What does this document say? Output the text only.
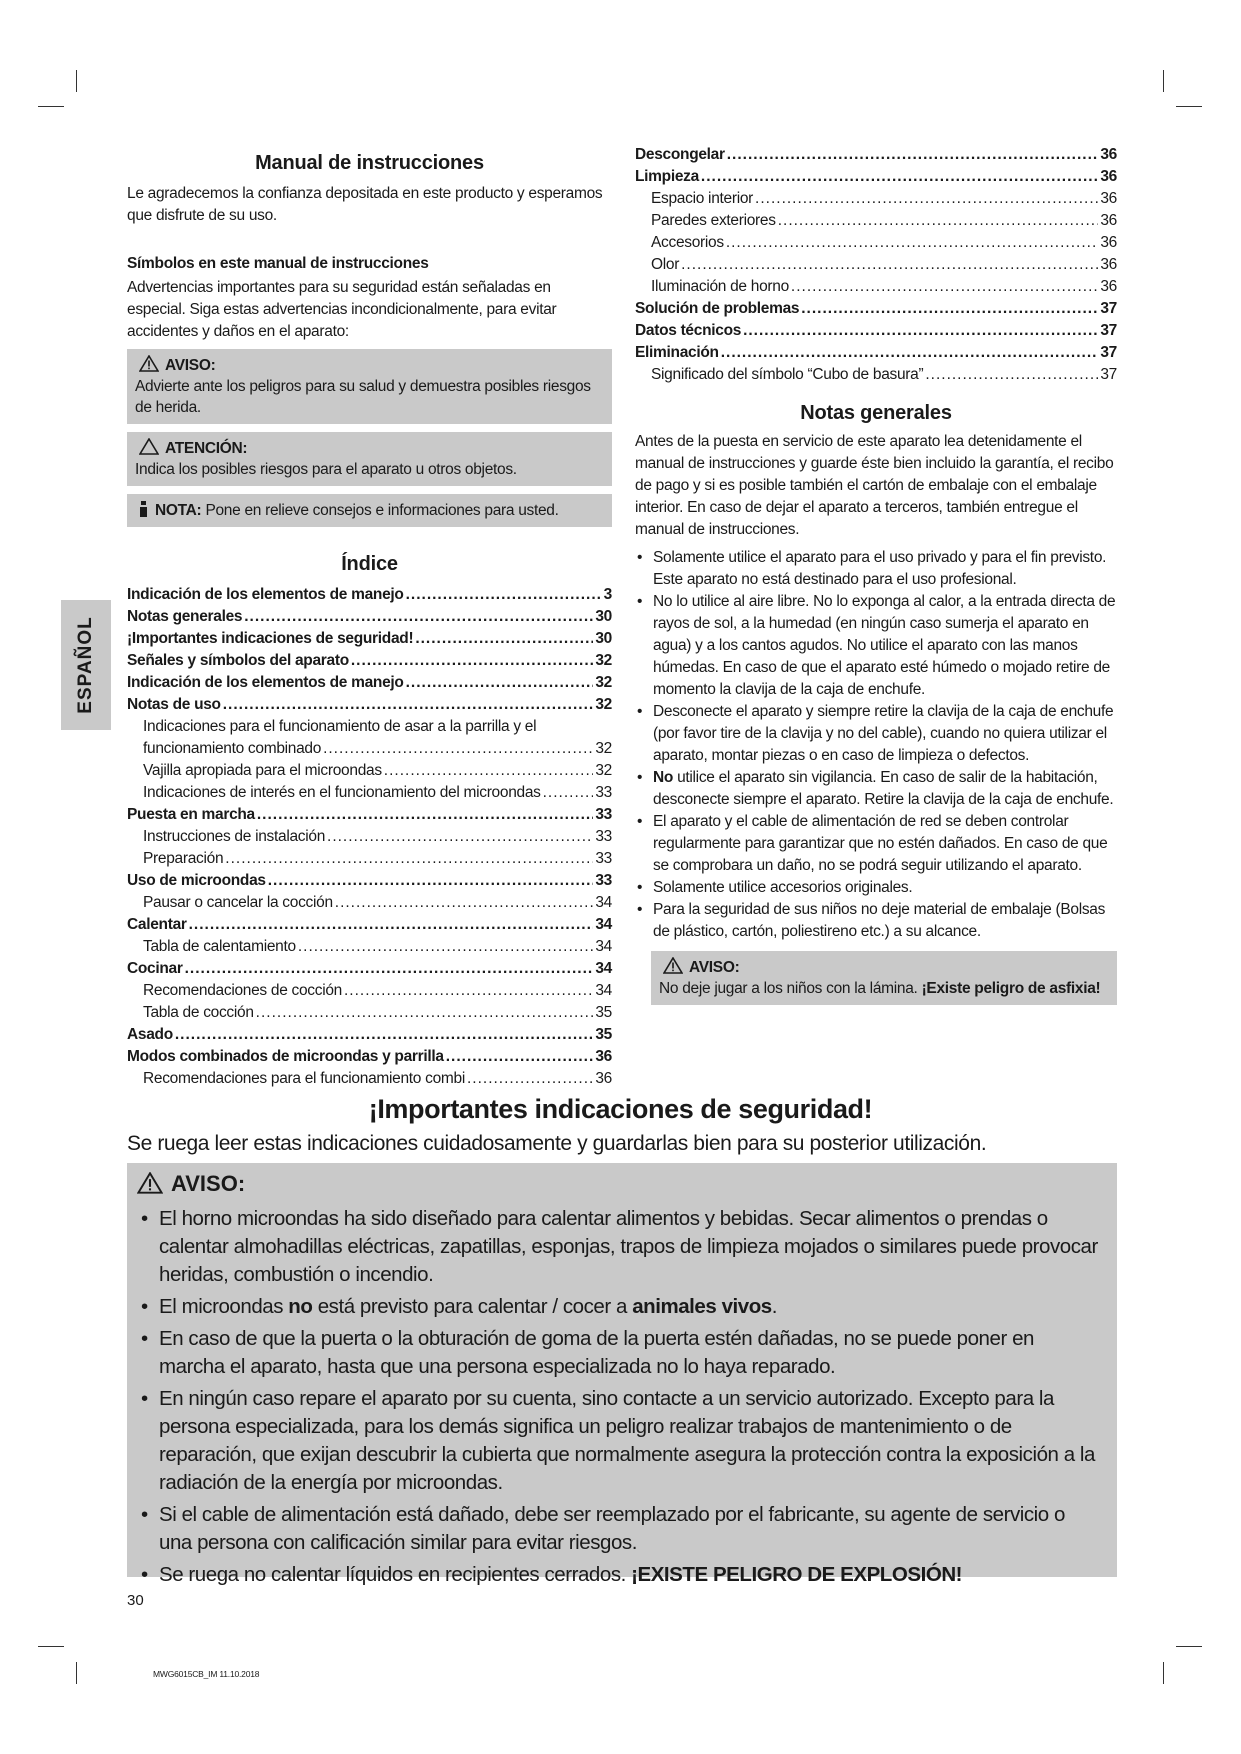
ESPAÑOL
Manual de instrucciones

Le agradecemos la confianza depositada en este producto y esperamos que disfrute de su uso.

Símbolos en este manual de instrucciones

Advertencias importantes para su seguridad están señaladas en especial. Siga estas advertencias incondicionalmente, para evitar accidentes y daños en el aparato:

AVISO:
Advierte ante los peligros para su salud y demuestra posibles riesgos de herida.
ATENCIÓN:
Indica los posibles riesgos para el aparato u otros objetos.
NOTA: Pone en relieve consejos e informaciones para usted.
Índice
Indicación de los elementos de manejo .....	3
Notas generales .....	30
¡Importantes indicaciones de seguridad! .....	30
Señales y símbolos del aparato .....	32
Indicación de los elementos de manejo .....	32
Notas de uso .....	32
Indicaciones para el funcionamiento de asar a la parrilla y el
funcionamiento combinado .....	32
Vajilla apropiada para el microondas .....	32
Indicaciones de interés en el funcionamiento del microondas .....	33
Puesta en marcha .....	33
Instrucciones de instalación .....	33
Preparación .....	33
Uso de microondas .....	33
Pausar o cancelar la cocción .....	34
Calentar .....	34
Tabla de calentamiento .....	34
Cocinar .....	34
Recomendaciones de cocción .....	34
Tabla de cocción .....	35
Asado .....	35
Modos combinados de microondas y parrilla .....	36
Recomendaciones para el funcionamiento combi .....	36
Descongelar .....	36
Limpieza .....	36
Espacio interior .....	36
Paredes exteriores .....	36
Accesorios .....	36
Olor .....	36
Iluminación de horno .....	36
Solución de problemas .....	37
Datos técnicos .....	37
Eliminación .....	37
Significado del símbolo “Cubo de basura” .....	37
Notas generales

Antes de la puesta en servicio de este aparato lea detenidamente el manual de instrucciones y guarde éste bien incluido la garantía, el recibo de pago y si es posible también el cartón de embalaje con el embalaje interior. En caso de dejar el aparato a terceros, también entregue el manual de instrucciones.

• Solamente utilice el aparato para el uso privado y para el fin previsto. Este aparato no está destinado para el uso profesional.
• No lo utilice al aire libre. No lo exponga al calor, a la entrada directa de rayos de sol, a la humedad (en ningún caso sumerja el aparato en agua) y a los cantos agudos. No utilice el aparato con las manos húmedas. En caso de que el aparato esté húmedo o mojado retire de momento la clavija de la caja de enchufe.
• Desconecte el aparato y siempre retire la clavija de la caja de enchufe (por favor tire de la clavija y no del cable), cuando no quiera utilizar el aparato, montar piezas o en caso de limpieza o defectos.
• No utilice el aparato sin vigilancia. En caso de salir de la habitación, desconecte siempre el aparato. Retire la clavija de la caja de enchufe.
• El aparato y el cable de alimentación de red se deben controlar regularmente para garantizar que no estén dañados. En caso de que se comprobara un daño, no se podrá seguir utilizando el aparato.
• Solamente utilice accesorios originales.
• Para la seguridad de sus niños no deje material de embalaje (Bolsas de plástico, cartón, poliestireno etc.) a su alcance.
AVISO:
No deje jugar a los niños con la lámina. ¡Existe peligro de asfixia!
¡Importantes indicaciones de seguridad!
Se ruega leer estas indicaciones cuidadosamente y guardarlas bien para su posterior utilización.
AVISO:
• El horno microondas ha sido diseñado para calentar alimentos y bebidas. Secar alimentos o prendas o calentar almohadillas eléctricas, zapatillas, esponjas, trapos de limpieza mojados o similares puede provocar heridas, combustión o incendio.
• El microondas no está previsto para calentar / cocer a animales vivos.
• En caso de que la puerta o la obturación de goma de la puerta estén dañadas, no se puede poner en marcha el aparato, hasta que una persona especializada no lo haya reparado.
• En ningún caso repare el aparato por su cuenta, sino contacte a un servicio autorizado. Excepto para la persona especializada, para los demás significa un peligro realizar trabajos de mantenimiento o de reparación, que exijan descubrir la cubierta que normalmente asegura la protección contra la exposición a la radiación de la energía por microondas.
• Si el cable de alimentación está dañado, debe ser reemplazado por el fabricante, su agente de servicio o una persona con calificación similar para evitar riesgos.
• Se ruega no calentar líquidos en recipientes cerrados. ¡EXISTE PELIGRO DE EXPLOSIÓN!
30
MWG6015CB_IM 11.10.2018
